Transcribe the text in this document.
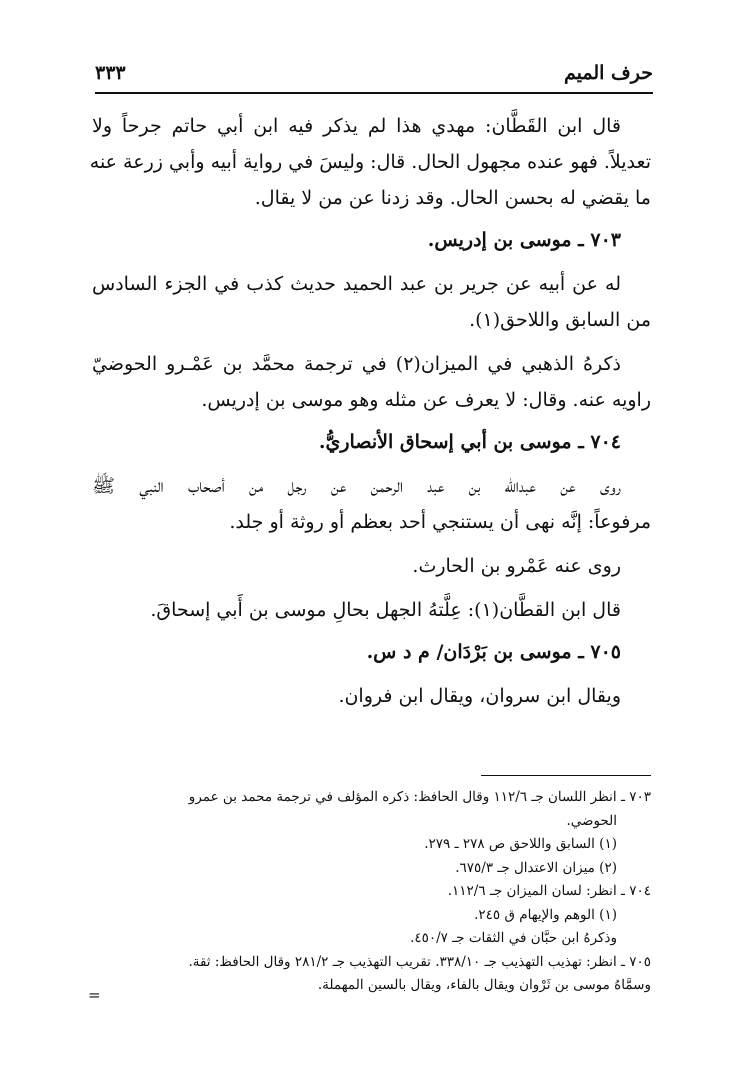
حرف الميم
٣٣٣
قال ابن القَطَّان: مهدي هذا لم يذكر فيه ابن أبي حاتم جرحاً ولا
تعديلاً. فهو عنده مجهول الحال. قال: وليسَ في رواية أبيه وأبي زرعة عنه
ما يقضي له بحسن الحال. وقد زدنا عن من لا يقال.
٧٠٣ ـ موسى بن إدريس.
له عن أبيه عن جرير بن عبد الحميد حديث كذب في الجزء السادس
من السابق واللاحق(١).
ذكرهُ الذهبي في الميزان(٢) في ترجمة محمَّد بن عَمْـرو الحوضيّ
راويه عنه. وقال: لا يعرف عن مثله وهو موسى بن إدريس.
٧٠٤ ـ موسى بن أبي إسحاق الأنصاريُّ.
روى عن عبدالله بن عبد الرحمن عن رجل من أصحاب النبي ﷺ
مرفوعاً: إنَّه نهى أن يستنجي أحد بعظم أو روثة أو جلد.
روى عنه عَمْرو بن الحارث.
قال ابن القطَّان(١): عِلَّتهُ الجهل بحالِ موسى بن أَبي إسحاقَ.
٧٠٥ ـ موسى بن بَرْدَان/ م د س.
ويقال ابن سروان، ويقال ابن فروان.
٧٠٣ ـ انظر اللسان جـ ١١٢/٦ وقال الحافظ: ذكره المؤلف في ترجمة محمد بن عمرو
الحوضي.
(١) السابق واللاحق ص ٢٧٨ ـ ٢٧٩.
(٢) ميزان الاعتدال جـ ٦٧٥/٣.
٧٠٤ ـ انظر: لسان الميزان جـ ١١٢/٦.
(١) الوهم والإيهام ق ٢٤٥.
وذكرهُ ابن حبَّان في الثقات جـ ٤٥٠/٧.
٧٠٥ ـ انظر: تهذيب التهذيب جـ ٣٣٨/١٠. تقريب التهذيب جـ ٢٨١/٢ وقال الحافظ: ثقة.
وسمَّاهُ موسى بن ثَرْوان ويقال بالفاء، ويقال بالسين المهملة.
=
